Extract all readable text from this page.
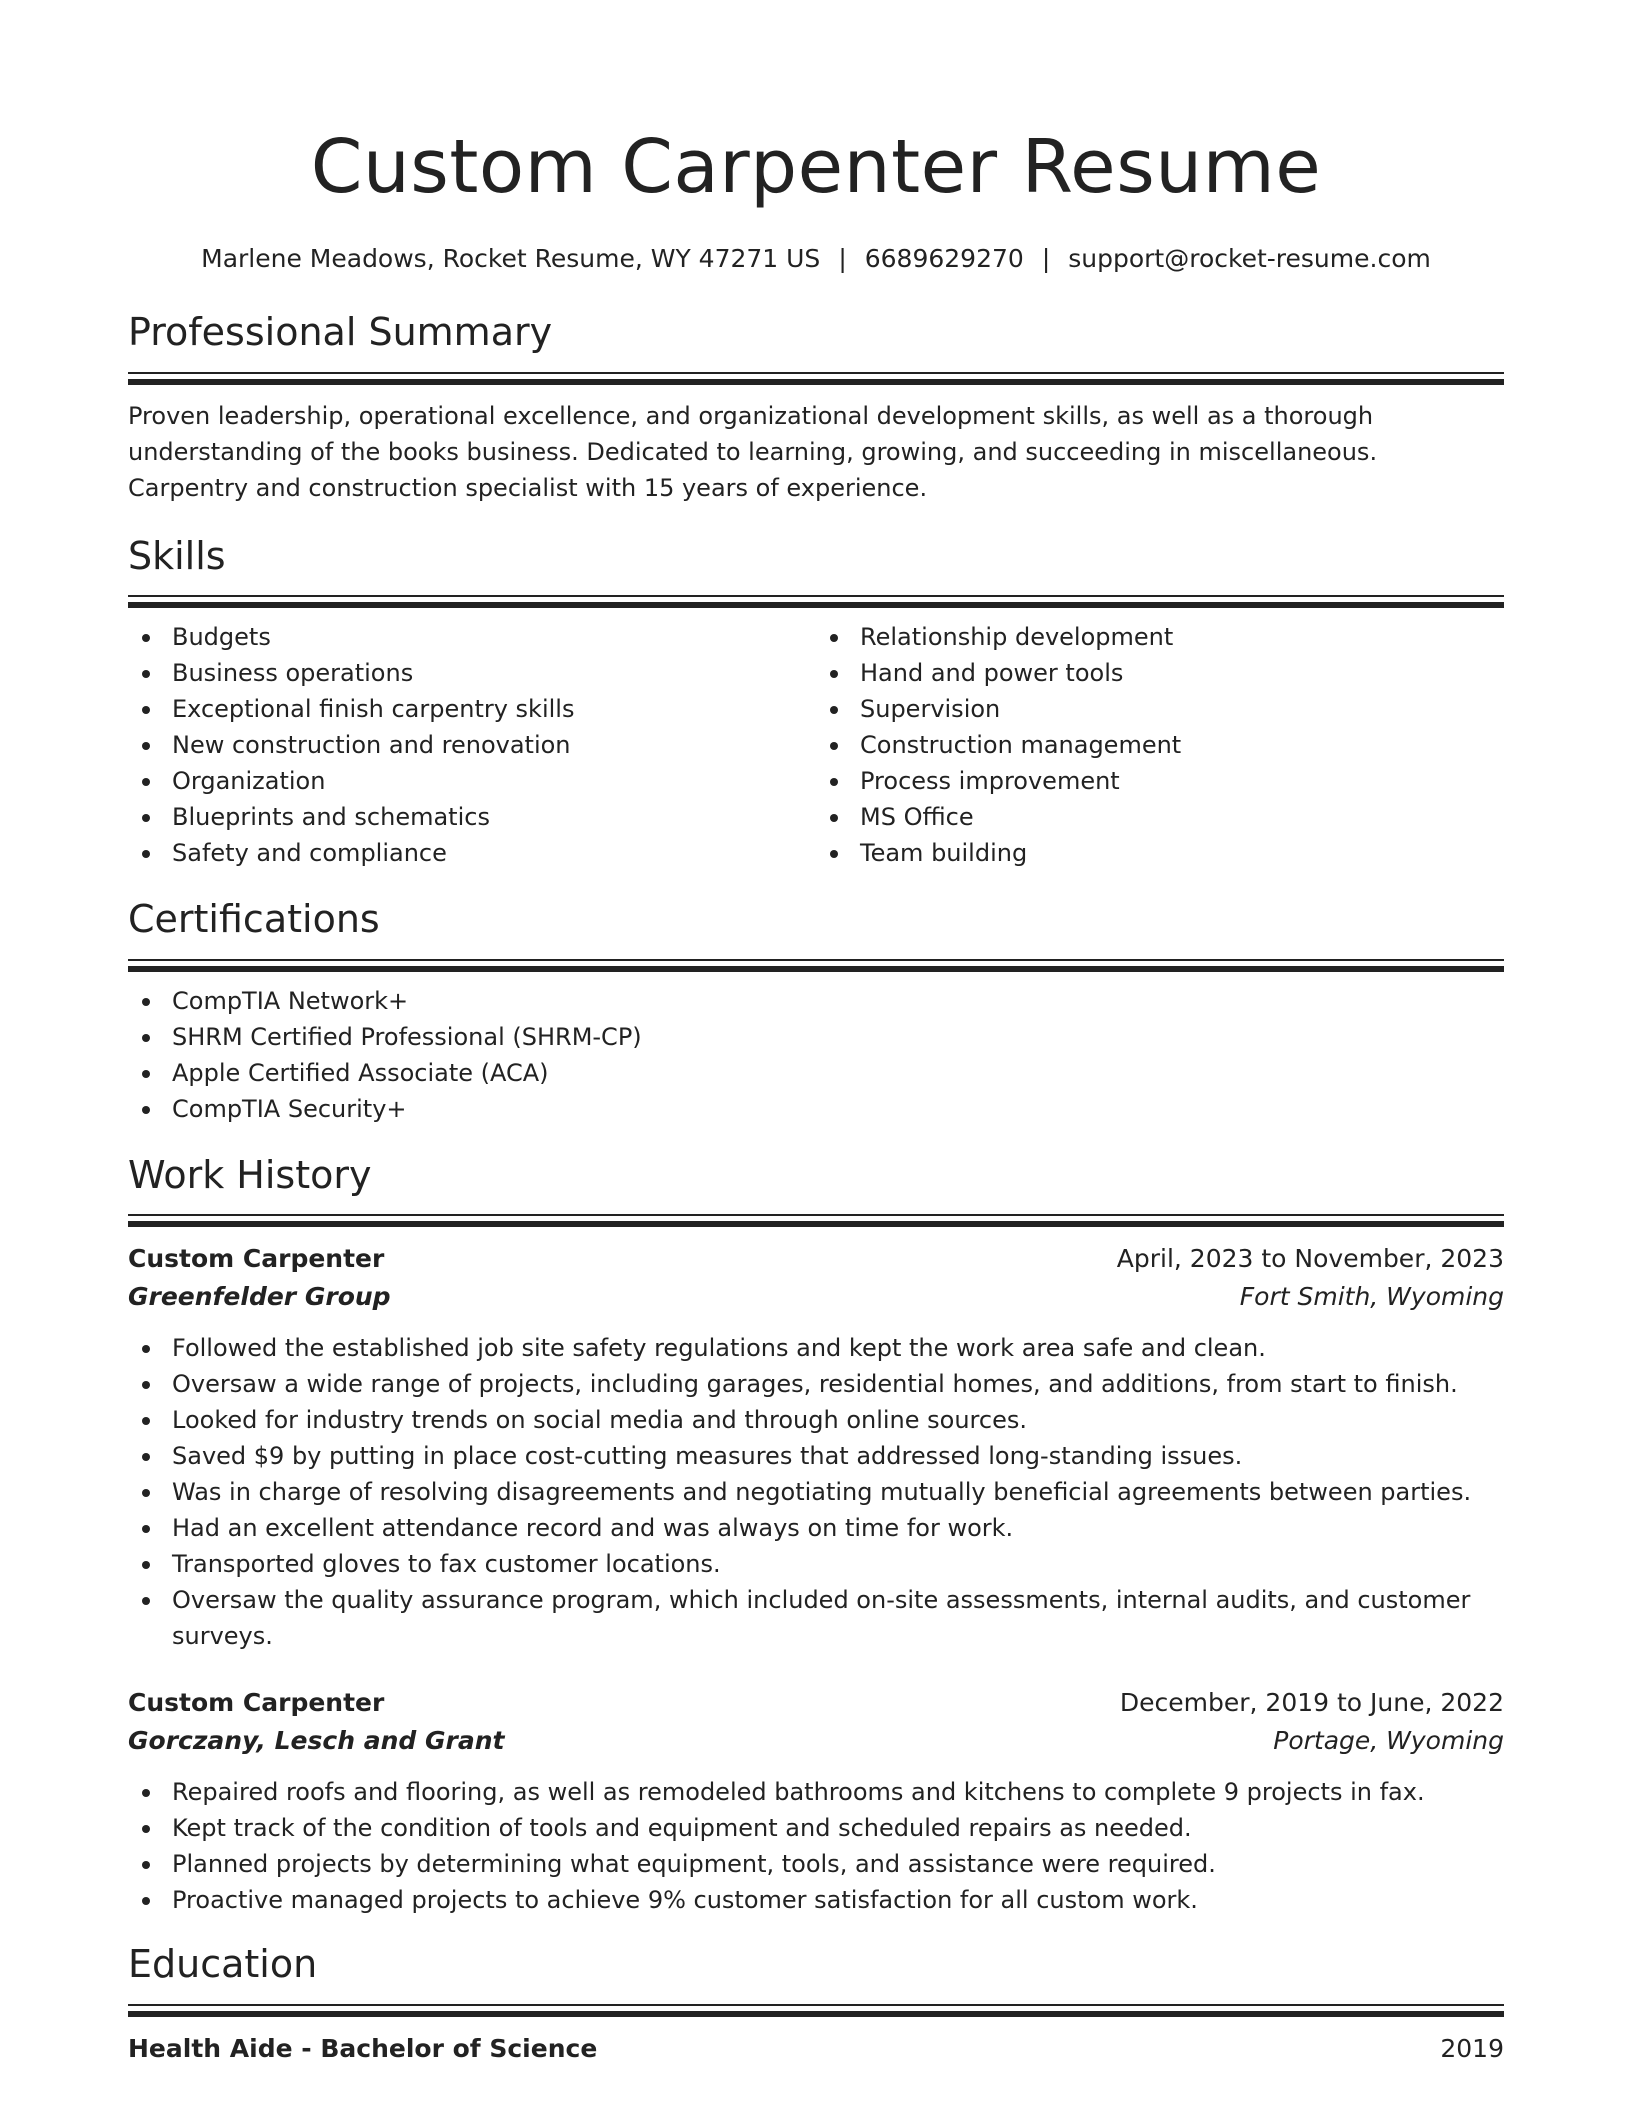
Custom Carpenter Resume
Marlene Meadows, Rocket Resume, WY 47271 US | 6689629270 | support@rocket-resume.com
Professional Summary

Proven leadership, operational excellence, and organizational development skills, as well as a thorough understanding of the books business. Dedicated to learning, growing, and succeeding in miscellaneous. Carpentry and construction specialist with 15 years of experience.

Skills
Budgets
Business operations
Exceptional finish carpentry skills
New construction and renovation
Organization
Blueprints and schematics
Safety and compliance
Relationship development
Hand and power tools
Supervision
Construction management
Process improvement
MS Office
Team building
Certifications
CompTIA Network+
SHRM Certified Professional (SHRM-CP)
Apple Certified Associate (ACA)
CompTIA Security+
Work History
Custom Carpenter	April, 2023 to November, 2023
Greenfelder Group	Fort Smith, Wyoming
Followed the established job site safety regulations and kept the work area safe and clean.
Oversaw a wide range of projects, including garages, residential homes, and additions, from start to finish.
Looked for industry trends on social media and through online sources.
Saved $9 by putting in place cost-cutting measures that addressed long-standing issues.
Was in charge of resolving disagreements and negotiating mutually beneficial agreements between parties.
Had an excellent attendance record and was always on time for work.
Transported gloves to fax customer locations.
Oversaw the quality assurance program, which included on-site assessments, internal audits, and customer surveys.
Custom Carpenter	December, 2019 to June, 2022
Gorczany, Lesch and Grant	Portage, Wyoming
Repaired roofs and flooring, as well as remodeled bathrooms and kitchens to complete 9 projects in fax.
Kept track of the condition of tools and equipment and scheduled repairs as needed.
Planned projects by determining what equipment, tools, and assistance were required.
Proactive managed projects to achieve 9% customer satisfaction for all custom work.
Education
Health Aide - Bachelor of Science	2019
